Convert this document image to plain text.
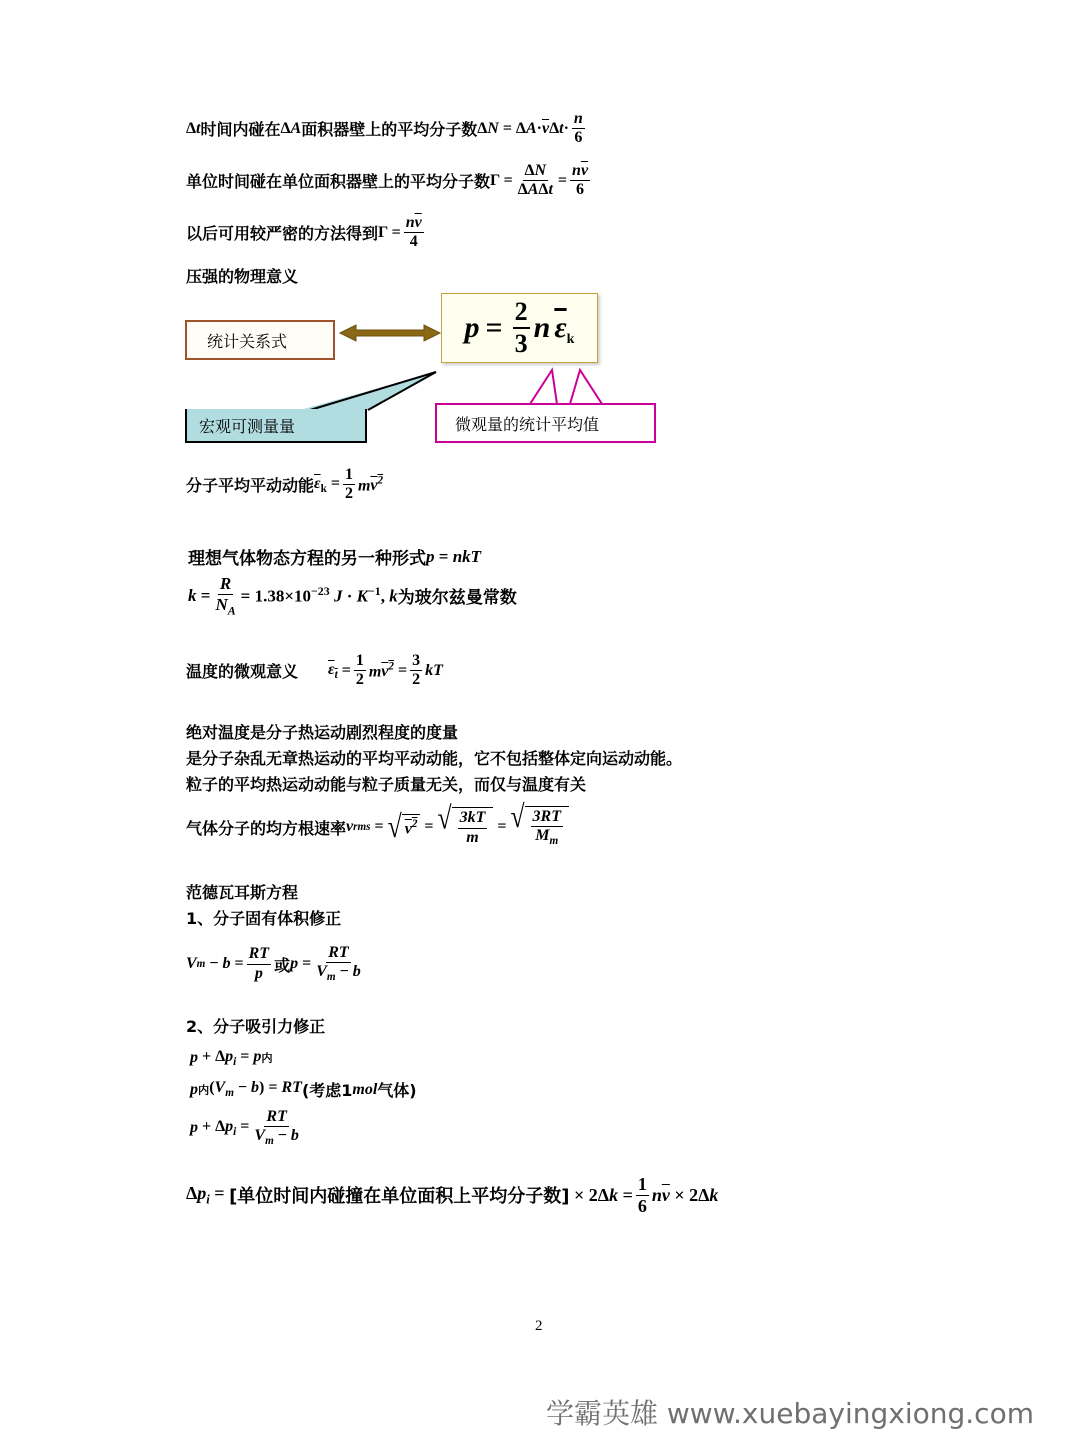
Δt 时间内碰在 ΔA 面积器壁上的平均分子数 $\Delta N = \Delta A\cdot\overline{v}\Delta t\cdot \frac{n}{6}$
单位时间碰在单位面积器壁上的平均分子数 $\Gamma = \frac{\Delta N}{\text{ΔAΔt}} = \frac{n\overline{v}}{6}$
以后可用较严密的方法得到 $\Gamma = \frac{n\overline{v}}{4}$
压强的物理意义
统计关系式	$p = \frac{2}{3}$ n $\overline{\varepsilon}$ k
宏观可测量量	微观量的统计平均值
分子平均平动动能 $\overline{\varepsilon}_k = \frac{1}{2} mv^2$
理想气体物态方程的另一种形式 p = nkT
$k = \frac{R}{N_A} = 1.38\times 10^{-23}$ $J \cdot K^{-1}$, k 为玻尔兹曼常数
温度的微观意义 $\varepsilon_t = \frac{1}{2} mv^2 = \frac{3}{2}$ kT
绝对温度是分子热运动剧烈程度的度量
是分子杂乱无章热运动的平均平动动能，它不包括整体定向运动动能。
粒子的平均热运动动能与粒子质量无关，而仅与温度有关
气体分子的均方根速率 v rms = √ $v^2$ = √ $\frac{3kT}{m}$ = √ $\frac{3RT}{M_m}$
范德瓦耳斯方程
1、分子固有体积修正
V $m - b = \frac{RT}{p}$ 或 $p = \frac{RT}{V_m - b}$
2、分子吸引力修正
$p + \Delta p_i = p$ 内
p 内 $(V_m - b)$ = RT (考虑1 mol 气体)
$p + \Delta p_i = \frac{RT}{V_m - b}$
$\Delta p_i$ = [单位时间内碰撞在单位面积上平均分子数] × $2\Delta k = \frac{1}{6} n\overline{v} \times 2\Delta k$
2
学霸英雄 www.xuebayingxiong.com
